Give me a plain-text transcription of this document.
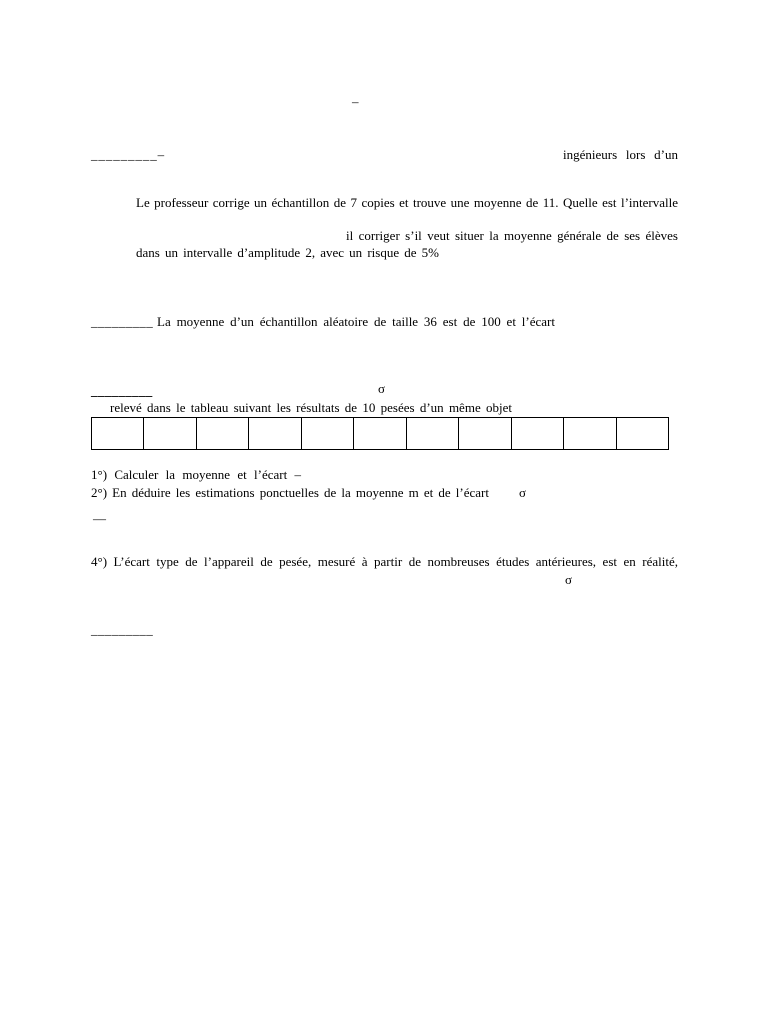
–
_________–	ingénieurs lors d’un
Le professeur corrige un échantillon de 7 copies et trouve une moyenne de 11. Quelle est l’intervalle
il corriger s’il veut situer la moyenne générale de ses élèves
dans un intervalle d’amplitude 2, avec un risque de 5%
_________ La moyenne d’un échantillon aléatoire de taille 36 est de 100 et l’écart
_________	σ
relevé dans le tableau suivant les résultats de 10 pesées d’un même objet

1°) Calculer la moyenne et l’écart –
2°) En déduire les estimations ponctuelles de la moyenne m et de l’écart σ
—
4°) L’écart type de l’appareil de pesée, mesuré à partir de nombreuses études antérieures, est en réalité,
σ
_________
